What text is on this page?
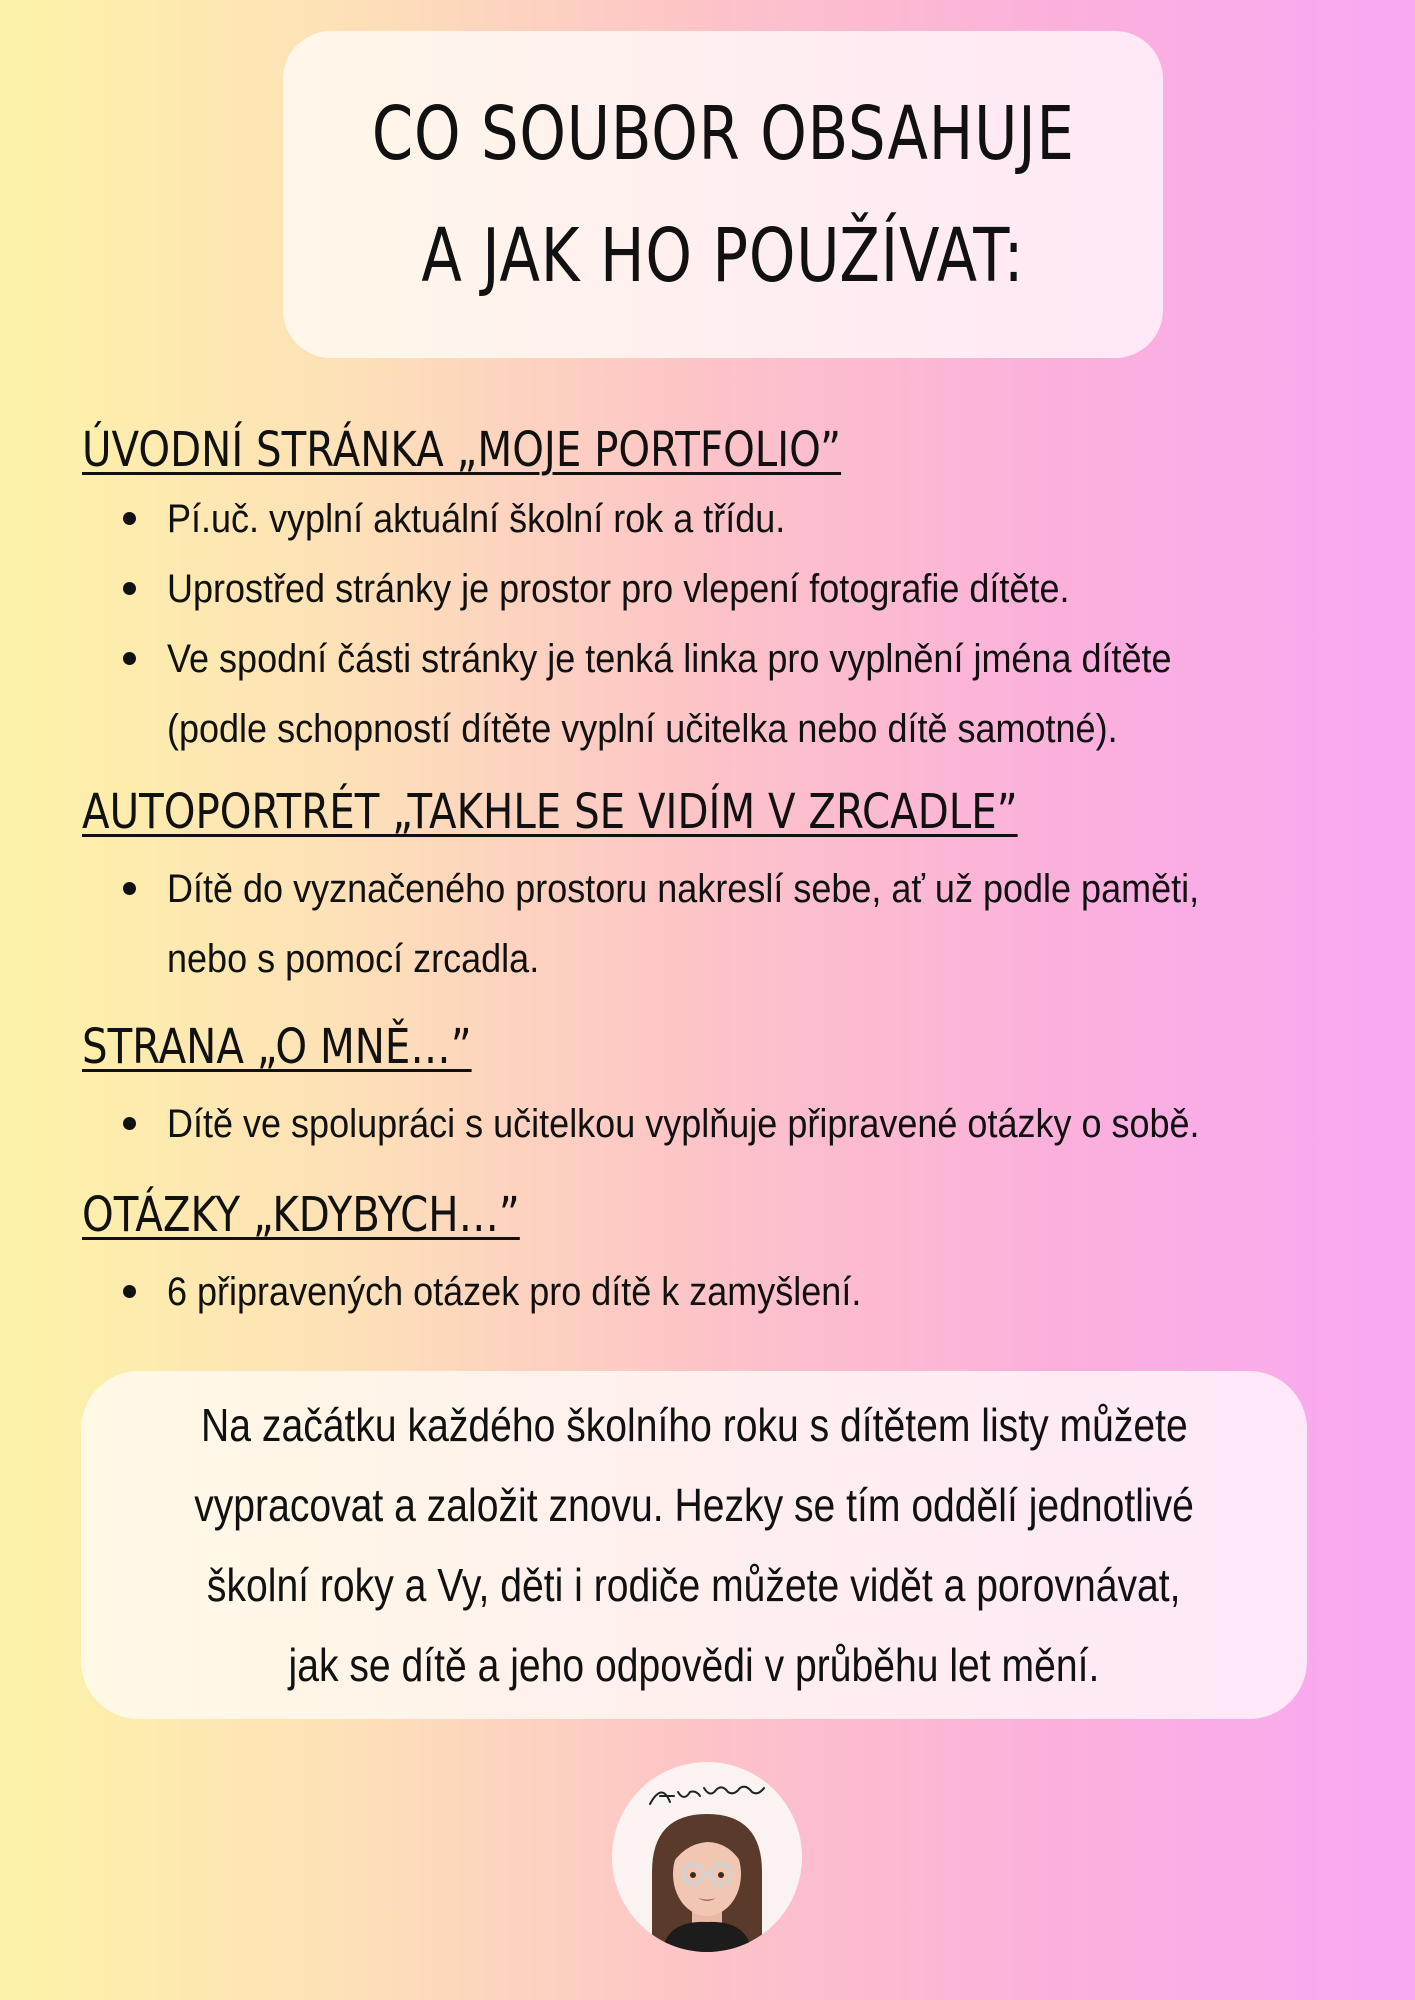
CO SOUBOR OBSAHUJE
A JAK HO POUŽÍVAT:
ÚVODNÍ STRÁNKA „MOJE PORTFOLIO”
Pí.uč. vyplní aktuální školní rok a třídu.
Uprostřed stránky je prostor pro vlepení fotografie dítěte.
Ve spodní části stránky je tenká linka pro vyplnění jména dítěte
(podle schopností dítěte vyplní učitelka nebo dítě samotné).
AUTOPORTRÉT „TAKHLE SE VIDÍM V ZRCADLE”
Dítě do vyznačeného prostoru nakreslí sebe, ať už podle paměti,
nebo s pomocí zrcadla.
STRANA „O MNĚ…”
Dítě ve spolupráci s učitelkou vyplňuje připravené otázky o sobě.
OTÁZKY „KDYBYCH…”
6 připravených otázek pro dítě k zamyšlení.
Na začátku každého školního roku s dítětem listy můžete
vypracovat a založit znovu. Hezky se tím oddělí jednotlivé
školní roky a Vy, děti i rodiče můžete vidět a porovnávat,
jak se dítě a jeho odpovědi v průběhu let mění.
